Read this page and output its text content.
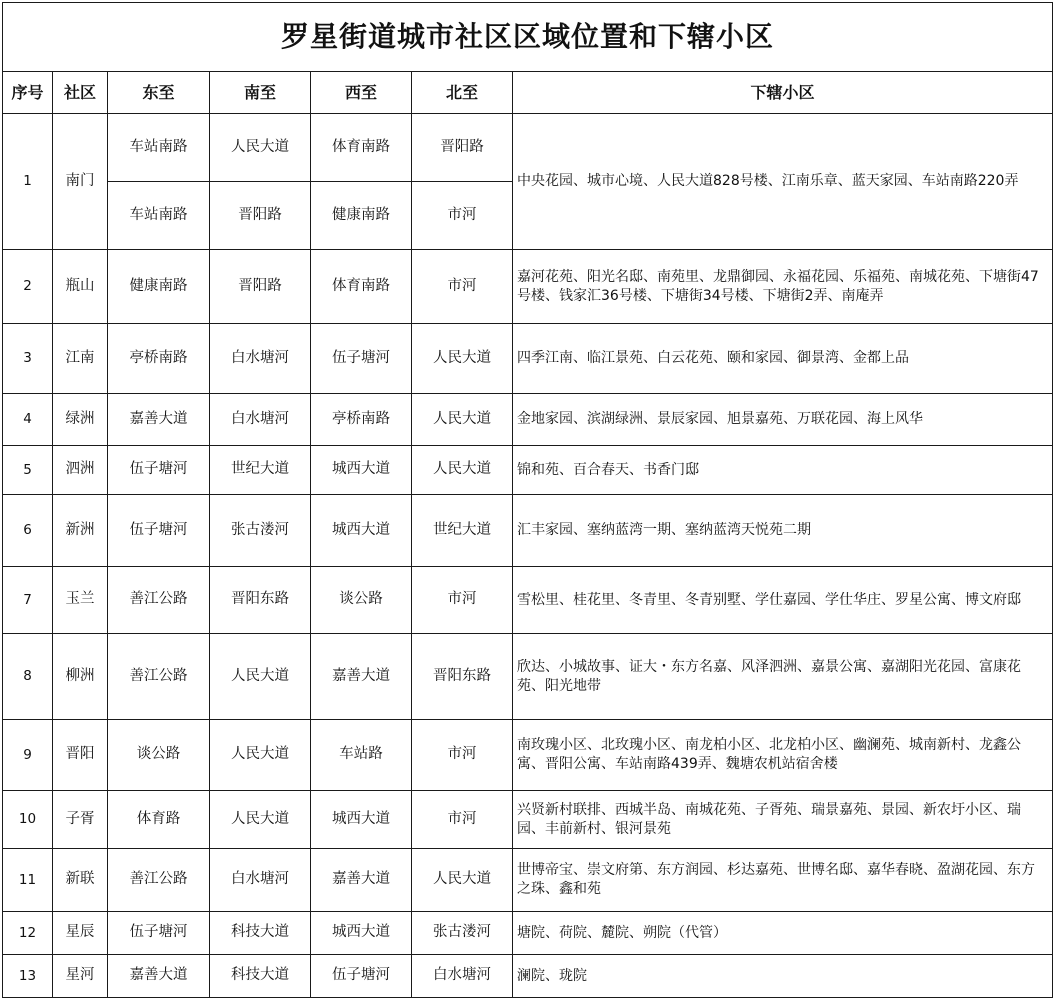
罗星街道城市社区区域位置和下辖小区						
序号	社区	东至	南至	西至	北至	下辖小区
1	南门	车站南路	人民大道	体育南路	晋阳路	中央花园、城市心境、人民大道828号楼、江南乐章、蓝天家园、车站南路220弄
		车站南路	晋阳路	健康南路	市河	
2	瓶山	健康南路	晋阳路	体育南路	市河	嘉河花苑、阳光名邸、南苑里、龙鼎御园、永福花园、乐福苑、南城花苑、下塘街47号楼、钱家汇36号楼、下塘街34号楼、下塘街2弄、南庵弄
3	江南	亭桥南路	白水塘河	伍子塘河	人民大道	四季江南、临江景苑、白云花苑、颐和家园、御景湾、金都上品
4	绿洲	嘉善大道	白水塘河	亭桥南路	人民大道	金地家园、滨湖绿洲、景辰家园、旭景嘉苑、万联花园、海上风华
5	泗洲	伍子塘河	世纪大道	城西大道	人民大道	锦和苑、百合春天、书香门邸
6	新洲	伍子塘河	张古溇河	城西大道	世纪大道	汇丰家园、塞纳蓝湾一期、塞纳蓝湾天悦苑二期
7	玉兰	善江公路	晋阳东路	谈公路	市河	雪松里、桂花里、冬青里、冬青别墅、学仕嘉园、学仕华庄、罗星公寓、博文府邸
8	柳洲	善江公路	人民大道	嘉善大道	晋阳东路	欣达、小城故事、证大・东方名嘉、风泽泗洲、嘉景公寓、嘉湖阳光花园、富康花苑、阳光地带
9	晋阳	谈公路	人民大道	车站路	市河	南玫瑰小区、北玫瑰小区、南龙柏小区、北龙柏小区、幽澜苑、城南新村、龙鑫公寓、晋阳公寓、车站南路439弄、魏塘农机站宿舍楼
10	子胥	体育路	人民大道	城西大道	市河	兴贤新村联排、西城半岛、南城花苑、子胥苑、瑞景嘉苑、景园、新农圩小区、瑞园、丰前新村、银河景苑
11	新联	善江公路	白水塘河	嘉善大道	人民大道	世博帝宝、崇文府第、东方润园、杉达嘉苑、世博名邸、嘉华春晓、盈湖花园、东方之珠、鑫和苑
12	星辰	伍子塘河	科技大道	城西大道	张古溇河	塘院、荷院、麓院、朔院（代管）
13	星河	嘉善大道	科技大道	伍子塘河	白水塘河	澜院、珑院
